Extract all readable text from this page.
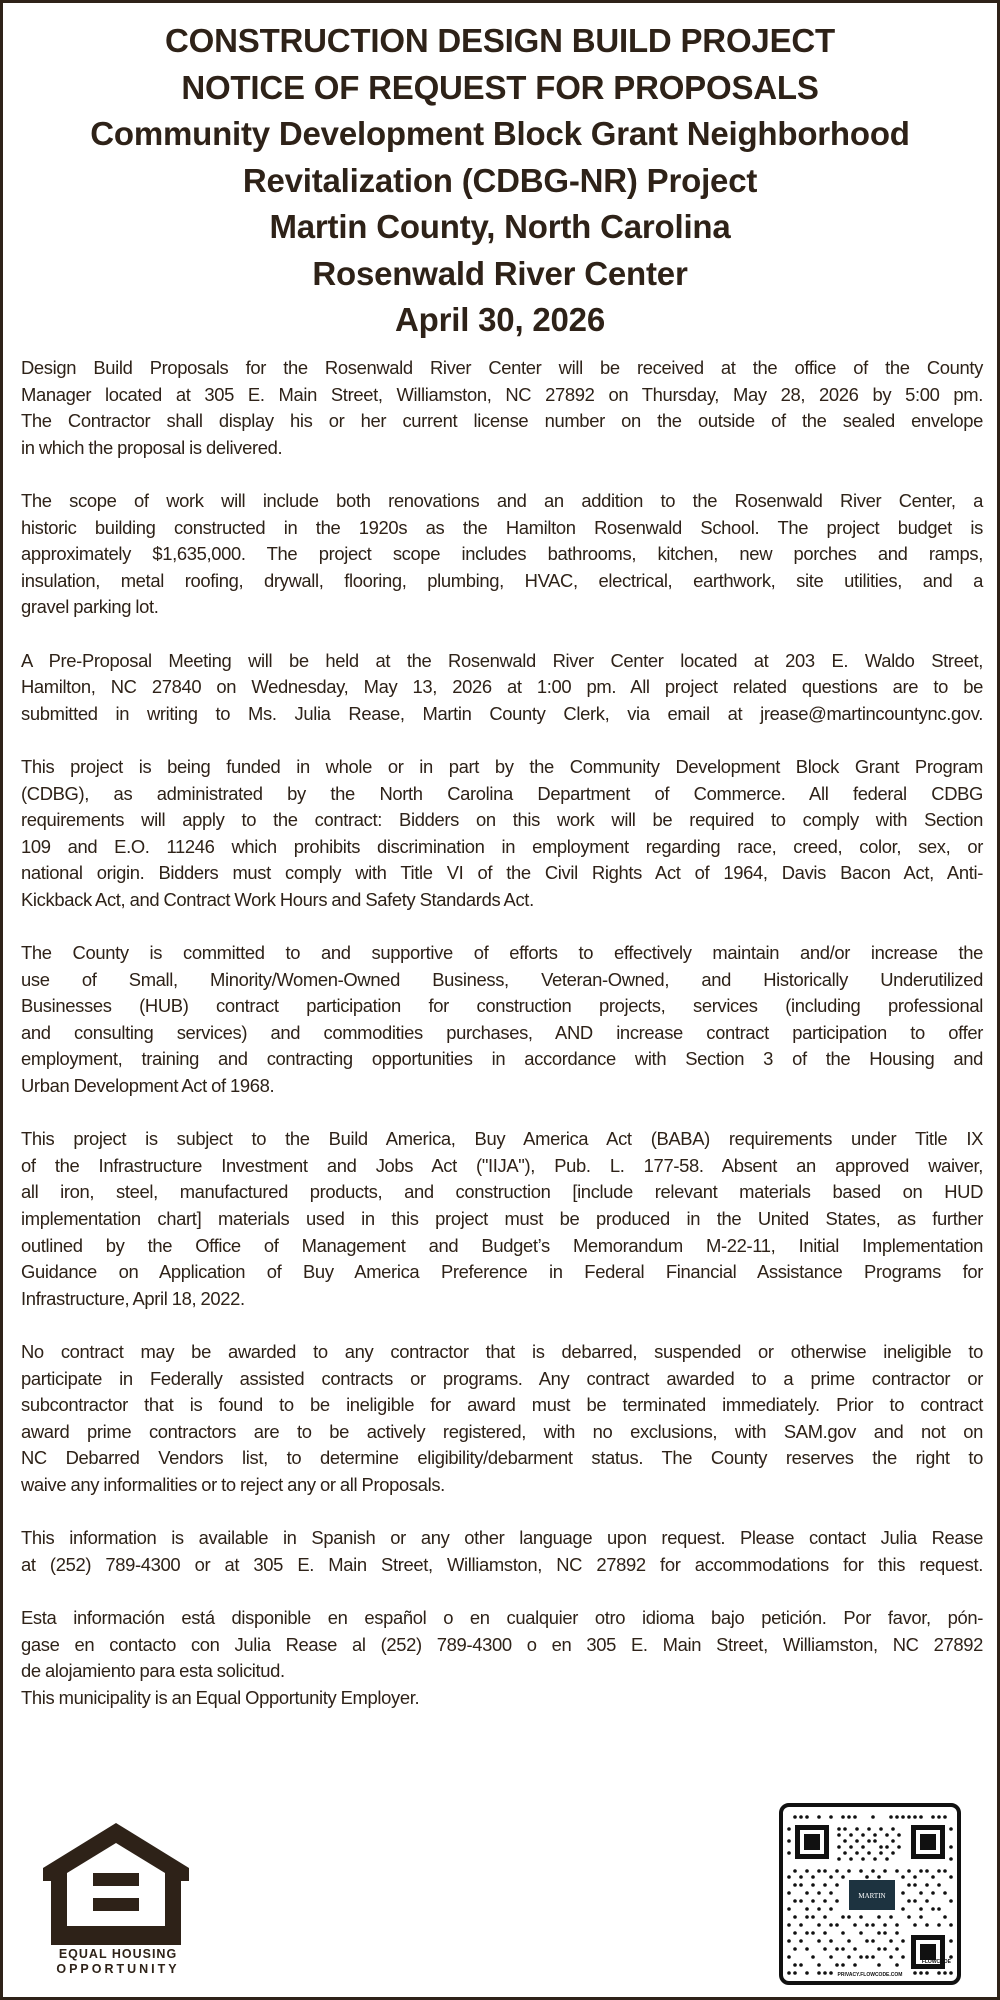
CONSTRUCTION DESIGN BUILD PROJECT
NOTICE OF REQUEST FOR PROPOSALS
Community Development Block Grant Neighborhood
Revitalization (CDBG-NR) Project
Martin County, North Carolina
Rosenwald River Center
April 30, 2026
Design Build Proposals for the Rosenwald River Center will be received at the office of the County
Manager located at 305 E. Main Street, Williamston, NC 27892 on Thursday, May 28, 2026 by 5:00 pm.
The Contractor shall display his or her current license number on the outside of the sealed envelope
in which the proposal is delivered.
The scope of work will include both renovations and an addition to the Rosenwald River Center, a
historic building constructed in the 1920s as the Hamilton Rosenwald School. The project budget is
approximately $1,635,000. The project scope includes bathrooms, kitchen, new porches and ramps,
insulation, metal roofing, drywall, flooring, plumbing, HVAC, electrical, earthwork, site utilities, and a
gravel parking lot.
A Pre-Proposal Meeting will be held at the Rosenwald River Center located at 203 E. Waldo Street,
Hamilton, NC 27840 on Wednesday, May 13, 2026 at 1:00 pm. All project related questions are to be
submitted in writing to Ms. Julia Rease, Martin County Clerk, via email at jrease@martincountync.gov.
This project is being funded in whole or in part by the Community Development Block Grant Program
(CDBG), as administrated by the North Carolina Department of Commerce. All federal CDBG
requirements will apply to the contract: Bidders on this work will be required to comply with Section
109 and E.O. 11246 which prohibits discrimination in employment regarding race, creed, color, sex, or
national origin. Bidders must comply with Title VI of the Civil Rights Act of 1964, Davis Bacon Act, Anti-
Kickback Act, and Contract Work Hours and Safety Standards Act.
The County is committed to and supportive of efforts to effectively maintain and/or increase the
use of Small, Minority/Women-Owned Business, Veteran-Owned, and Historically Underutilized
Businesses (HUB) contract participation for construction projects, services (including professional
and consulting services) and commodities purchases, AND increase contract participation to offer
employment, training and contracting opportunities in accordance with Section 3 of the Housing and
Urban Development Act of 1968.
This project is subject to the Build America, Buy America Act (BABA) requirements under Title IX
of the Infrastructure Investment and Jobs Act ("IIJA"), Pub. L. 177-58. Absent an approved waiver,
all iron, steel, manufactured products, and construction [include relevant materials based on HUD
implementation chart] materials used in this project must be produced in the United States, as further
outlined by the Office of Management and Budget’s Memorandum M-22-11, Initial Implementation
Guidance on Application of Buy America Preference in Federal Financial Assistance Programs for
Infrastructure, April 18, 2022.
No contract may be awarded to any contractor that is debarred, suspended or otherwise ineligible to
participate in Federally assisted contracts or programs. Any contract awarded to a prime contractor or
subcontractor that is found to be ineligible for award must be terminated immediately. Prior to contract
award prime contractors are to be actively registered, with no exclusions, with SAM.gov and not on
NC Debarred Vendors list, to determine eligibility/debarment status. The County reserves the right to
waive any informalities or to reject any or all Proposals.
This information is available in Spanish or any other language upon request. Please contact Julia Rease
at (252) 789-4300 or at 305 E. Main Street, Williamston, NC 27892 for accommodations for this request.
Esta información está disponible en español o en cualquier otro idioma bajo petición. Por favor, pón-
gase en contacto con Julia Rease al (252) 789-4300 o en 305 E. Main Street, Williamston, NC 27892
de alojamiento para esta solicitud.
This municipality is an Equal Opportunity Employer.
EQUAL HOUSING
OPPORTUNITY
MARTIN
FLOWCODE
PRIVACY.FLOWCODE.COM
